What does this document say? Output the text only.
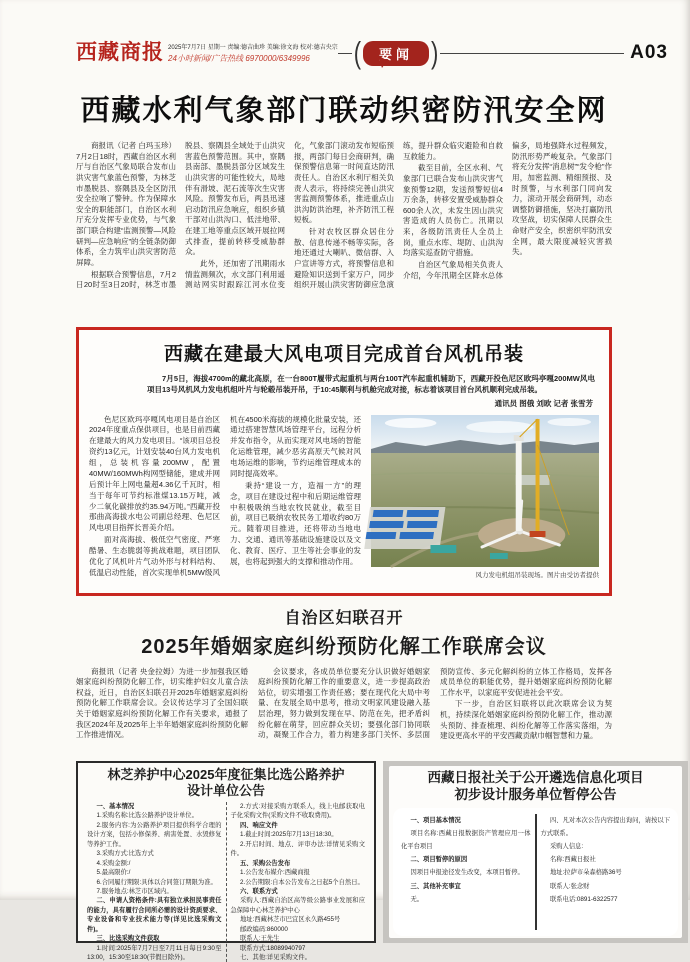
西藏商报 2025年7月7日 星期一 责编:德吉曲珍 美编:徐文海 校对:德吉央宗
24小时新闻/广告热线 6970000/6349996	(	要闻 )	A03
西藏水利气象部门联动织密防汛安全网

商报讯（记者 白玛玉珍）7月2日18时，西藏自治区水利厅与自治区气象局联合发布山洪灾害气象蓝色预警，为林芝市墨脱县、察隅县及全区防汛安全拉响了警钟。作为保障水安全的职能部门，自治区水利厅充分发挥专业优势，与气象部门联合构建“监测预警—风险研判—应急响应”的全链条防御体系，全力筑牢山洪灾害防范屏障。

根据联合预警信息，7月2日20时至3日20时，林芝市墨脱县、察隅县全域处于山洪灾害蓝色预警范围。其中，察隅县南部、墨脱县部分区域发生山洪灾害的可能性较大，局地伴有滑坡、泥石流等次生灾害风险。预警发布后，两县迅速启动防汛应急响应，组织乡镇干部对山洪沟口、低洼地带、在建工地等重点区域开展拉网式排查，提前转移受威胁群众。

此外，还加密了汛期雨水情监测频次，水文部门利用遥测站网实时跟踪江河水位变化，气象部门滚动发布短临预报，两部门每日会商研判，确保预警信息第一时间直达防汛责任人。自治区水利厅相关负责人表示，将持续完善山洪灾害监测预警体系，推进重点山洪沟防洪治理，补齐防汛工程短板。

针对农牧区群众居住分散、信息传递不畅等实际，各地还通过大喇叭、微信群、入户宣讲等方式，将预警信息和避险知识送到千家万户，同步组织开展山洪灾害防御应急演练，提升群众临灾避险和自救互救能力。

截至目前，全区水利、气象部门已联合发布山洪灾害气象预警12期，发送预警短信4万余条，转移安置受威胁群众600余人次，未发生因山洪灾害造成的人员伤亡。汛期以来，各级防汛责任人全员上岗，重点水库、堤防、山洪沟均落实巡查防守措施。

自治区气象局相关负责人介绍，今年汛期全区降水总体偏多，局地强降水过程频发，防汛形势严峻复杂。气象部门将充分发挥“消息树”“发令枪”作用，加密监测、精细预报、及时预警，与水利部门同向发力，滚动开展会商研判，动态调整防御措施，坚决打赢防汛攻坚战，切实保障人民群众生命财产安全，织密织牢防汛安全网，最大限度减轻灾害损失。

西藏在建最大风电项目完成首台风机吊装

7月5日，海拔4700m的藏北高原，在一台800T履带式起重机与两台100T汽车起重机辅助下，西藏开投色尼区欧玛亭嘎200MW风电项目13号风机风力发电机组叶片与轮毂吊装开吊，于10:45顺利与机舱完成对接，标志着该项目首台风机顺利完成吊装。

通讯员 图俄 刘欧 记者 张雪芳

色尼区欧玛亭嘎风电项目是自治区2024年度重点保供项目，也是目前西藏在建最大的风力发电项目。“该项目总投资约13亿元，计划安装40台风力发电机组，总装机容量200MW，配置40MW/160MWh构网型储能，建成并网后预计年上网电量超4.36亿千瓦时，相当于每年可节约标准煤13.15万吨，减少二氧化碳排放约35.94万吨。”西藏开投那曲高海拔水电公司副总经理、色尼区风电项目指挥长晋美介绍。

面对高海拔、极低空气密度、严寒酷暑、生态脆弱等挑战难题，项目团队优化了风机叶片气动外形与材料结构、低温启动性能，首次实现单机5MW级风机在4500米海拔的规模化批量安装，还通过搭建智慧风场管理平台，远程分析并发布指令，从而实现对风电场的智能化运维管理，减少恶劣高原天气候对风电场运维的影响，节约运维管理成本的同时提高效率。

秉持“建设一方，造福一方”的理念，项目在建设过程中和后期运维管理中积极吸纳当地农牧民就业，截至目前，项目已吸纳农牧民务工增收约80万元。随着项目推进，还将带动当地电力、交通、通讯等基础设施建设以及文化、教育、医疗、卫生等社会事业的发展，也将起到强大的支撑和推动作用。

风力发电机组吊装现场。图片由受访者提供
自治区妇联召开
2025年婚姻家庭纠纷预防化解工作联席会议

商报讯（记者 央金拉姆）为进一步加强我区婚姻家庭纠纷预防化解工作，切实维护妇女儿童合法权益，近日，自治区妇联召开2025年婚姻家庭纠纷预防化解工作联席会议。会议传达学习了全国妇联关于婚姻家庭纠纷预防化解工作有关要求，通报了我区2024年及2025年上半年婚姻家庭纠纷预防化解工作推进情况。

会议要求，各成员单位要充分认识做好婚姻家庭纠纷预防化解工作的重要意义，进一步提高政治站位，切实增强工作责任感；要在现代化大局中考量、在发展全局中思考，推动文明家风建设融入基层治理，努力做到发现在早、防范在先，把矛盾纠纷化解在萌芽，回应群众关切；要强化部门协同联动，凝聚工作合力，着力构建多部门关怀、多层面预防宣传、多元化解纠纷的立体工作格局，发挥各成员单位的职能优势，提升婚姻家庭纠纷预防化解工作水平，以家庭平安促进社会平安。

下一步，自治区妇联将以此次联席会议为契机，持续深化婚姻家庭纠纷预防化解工作，推动源头预防、排查梳理、纠纷化解等工作落实落细，为建设更高水平的平安西藏贡献巾帼智慧和力量。

林芝养护中心2025年度征集比选公路养护
设计单位公告

一、基本情况

1.采购名称:比选公路养护设计单位。

2.服务内容:为公路养护项目提供科学合理的设计方案，包括小修保养、病害处置、水毁修复等养护工作。

3.采购方式:比选方式

4.采购金额:/

5.最高限价:/

6.合同履行期限:具体以合同签订期限为准。

7.服务地点:林芝市区域内。

二、申请人资格条件:具有独立承担民事责任的能力，具有履行合同所必需的设计资质要求、专业设备和专业技术能力等(详见比选采购文件)。

三、比选采购文件获取

1.时间:2025年7月7日至7月11日每日9:30至13:00，15:30至18:30(节假日除外)。

2.方式:对接采购方联系人，线上电邮获取电子化采购文件(采购文件不收取费用)。

四、响应文件

1.截止时间:2025年7月13日18:30。

2.开启时间、地点、评审办法:详情见采购文件。

五、采购公告发布

1.公告发布媒介:西藏商报

2.公告期限:自本公告发布之日起5个自然日。

六、联系方式

采购人:西藏自治区高等级公路事业发展和应急保障中心林芝养护中心

地址:西藏林芝市巴宜区永久路455号

邮政编码:860000

联系人:王先生

联系方式:18089940797

七、其他:详见采购文件。

西藏日报社关于公开遴选信息化项目
初步设计服务单位暂停公告

一、项目基本情况

项目名称:西藏日报数据资产管理应用一体化平台项目

二、项目暂停的原因

因项目申报途径发生改变，本项目暂停。

三、其他补充事宜

无。

四、凡对本次公告内容提出询问，请按以下方式联系。

采购人信息:

名称:西藏日报社

地址:拉萨市朵森格路36号

联系人:张念财

联系电话:0891-6322577
